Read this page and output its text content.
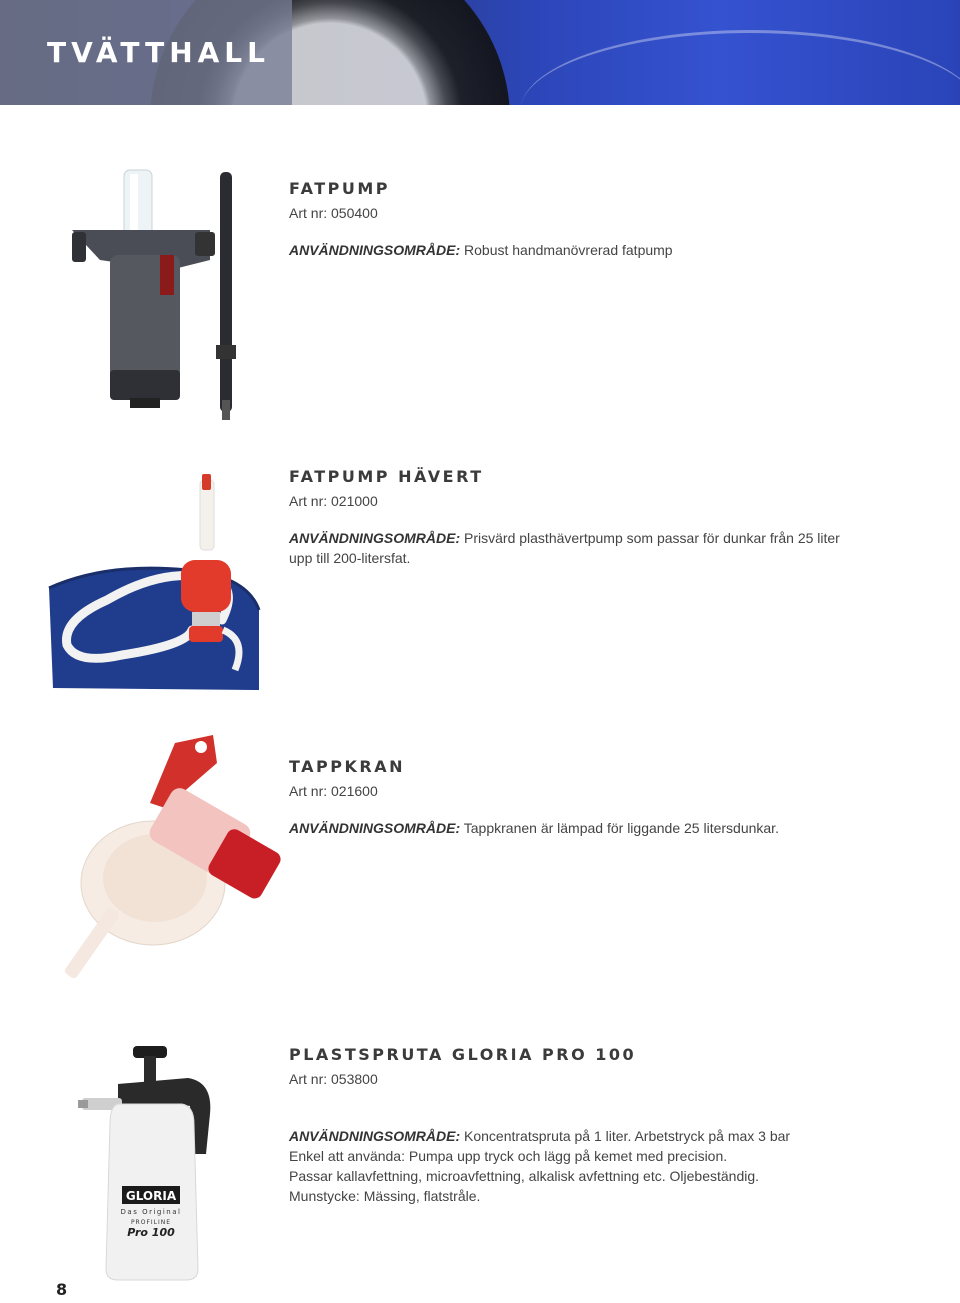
TVÄTTHALL
FATPUMP
Art nr: 050400
ANVÄNDNINGSOMRÅDE: Robust handmanövrerad fatpump
FATPUMP HÄVERT
Art nr: 021000
ANVÄNDNINGSOMRÅDE: Prisvärd plasthävertpump som passar för dunkar från 25 liter
upp till 200-litersfat.
TAPPKRAN
Art nr: 021600
ANVÄNDNINGSOMRÅDE: Tappkranen är lämpad för liggande 25 litersdunkar.
GLORIA
Das Original
PROFILINE
Pro 100
PLASTSPRUTA GLORIA PRO 100
Art nr: 053800
ANVÄNDNINGSOMRÅDE: Koncentratspruta på 1 liter. Arbetstryck på max 3 bar
Enkel att använda: Pumpa upp tryck och lägg på kemet med precision.
Passar kallavfettning, microavfettning, alkalisk avfettning etc. Oljebeständig.
Munstycke: Mässing, flatstråle.
8
